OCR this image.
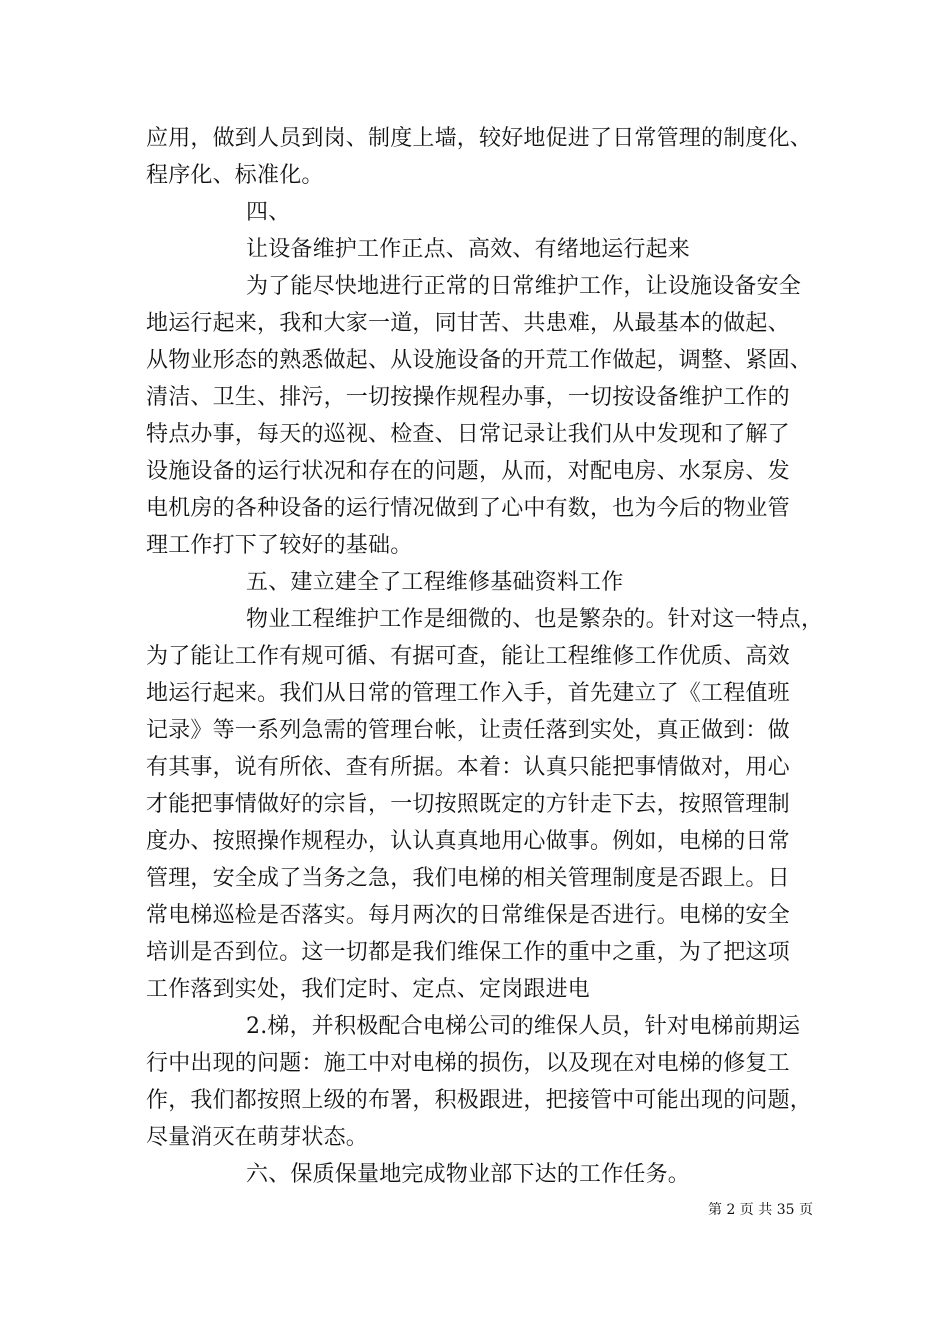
应用，做到人员到岗、制度上墙，较好地促进了日常管理的制度化、
程序化、标准化。
四、
让设备维护工作正点、高效、有绪地运行起来
为了能尽快地进行正常的日常维护工作，让设施设备安全
地运行起来，我和大家一道，同甘苦、共患难，从最基本的做起、
从物业形态的熟悉做起、从设施设备的开荒工作做起，调整、紧固、
清洁、卫生、排污，一切按操作规程办事，一切按设备维护工作的
特点办事，每天的巡视、检查、日常记录让我们从中发现和了解了
设施设备的运行状况和存在的问题，从而，对配电房、水泵房、发
电机房的各种设备的运行情况做到了心中有数，也为今后的物业管
理工作打下了较好的基础。
五、建立建全了工程维修基础资料工作
物业工程维护工作是细微的、也是繁杂的。针对这一特点，
为了能让工作有规可循、有据可查，能让工程维修工作优质、高效
地运行起来。我们从日常的管理工作入手，首先建立了《工程值班
记录》等一系列急需的管理台帐，让责任落到实处，真正做到：做
有其事，说有所依、查有所据。本着：认真只能把事情做对，用心
才能把事情做好的宗旨，一切按照既定的方针走下去，按照管理制
度办、按照操作规程办，认认真真地用心做事。例如，电梯的日常
管理，安全成了当务之急，我们电梯的相关管理制度是否跟上。日
常电梯巡检是否落实。每月两次的日常维保是否进行。电梯的安全
培训是否到位。这一切都是我们维保工作的重中之重，为了把这项
工作落到实处，我们定时、定点、定岗跟进电
2.梯，并积极配合电梯公司的维保人员，针对电梯前期运
行中出现的问题：施工中对电梯的损伤，以及现在对电梯的修复工
作，我们都按照上级的布署，积极跟进，把接管中可能出现的问题，
尽量消灭在萌芽状态。
六、保质保量地完成物业部下达的工作任务。
第 2 页 共 35 页
